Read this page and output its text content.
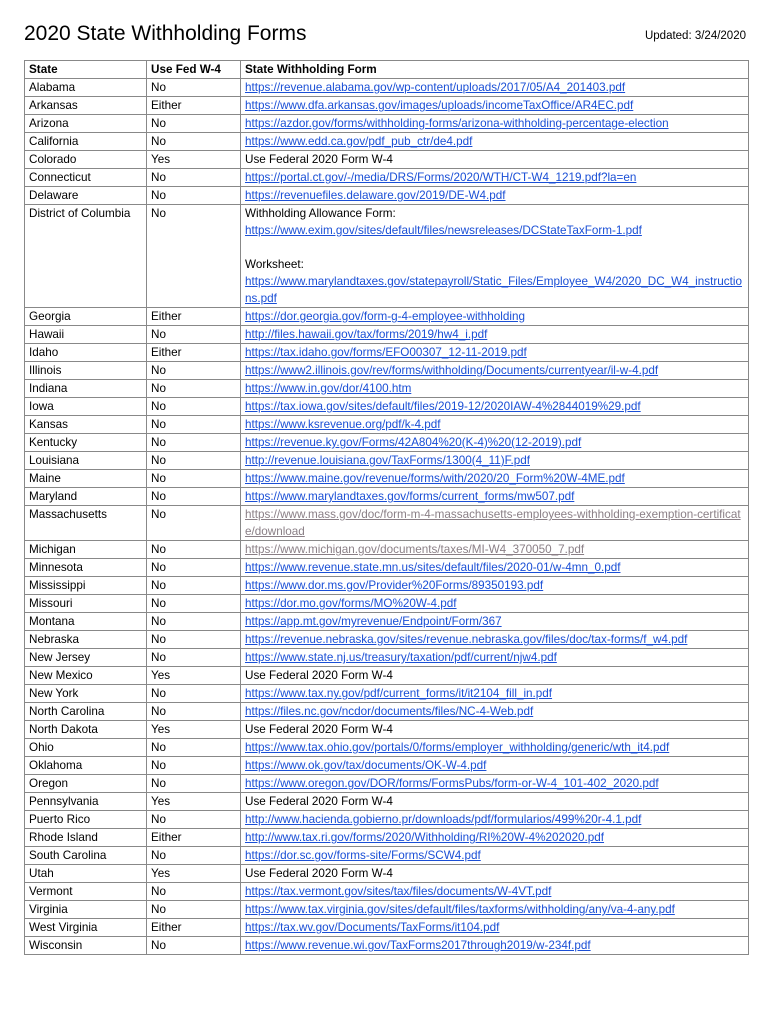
2020 State Withholding Forms	Updated: 3/24/2020
State	Use Fed W-4	State Withholding Form
Alabama	No	https://revenue.alabama.gov/wp-content/uploads/2017/05/A4_201403.pdf
Arkansas	Either	https://www.dfa.arkansas.gov/images/uploads/incomeTaxOffice/AR4EC.pdf
Arizona	No	https://azdor.gov/forms/withholding-forms/arizona-withholding-percentage-election
California	No	https://www.edd.ca.gov/pdf_pub_ctr/de4.pdf
Colorado	Yes	Use Federal 2020 Form W-4
Connecticut	No	https://portal.ct.gov/-/media/DRS/Forms/2020/WTH/CT-W4_1219.pdf?la=en
Delaware	No	https://revenuefiles.delaware.gov/2019/DE-W4.pdf
District of Columbia	No	Withholding Allowance Form:
https://www.exim.gov/sites/default/files/newsreleases/DCStateTaxForm-1.pdf
Worksheet:
https://www.marylandtaxes.gov/statepayroll/Static_Files/Employee_W4/2020_DC_W4_instructions.pdf

Georgia	Either	https://dor.georgia.gov/form-g-4-employee-withholding
Hawaii	No	http://files.hawaii.gov/tax/forms/2019/hw4_i.pdf
Idaho	Either	https://tax.idaho.gov/forms/EFO00307_12-11-2019.pdf
Illinois	No	https://www2.illinois.gov/rev/forms/withholding/Documents/currentyear/il-w-4.pdf
Indiana	No	https://www.in.gov/dor/4100.htm
Iowa	No	https://tax.iowa.gov/sites/default/files/2019-12/2020IAW-4%2844019%29.pdf
Kansas	No	https://www.ksrevenue.org/pdf/k-4.pdf
Kentucky	No	https://revenue.ky.gov/Forms/42A804%20(K-4)%20(12-2019).pdf
Louisiana	No	http://revenue.louisiana.gov/TaxForms/1300(4_11)F.pdf
Maine	No	https://www.maine.gov/revenue/forms/with/2020/20_Form%20W-4ME.pdf
Maryland	No	https://www.marylandtaxes.gov/forms/current_forms/mw507.pdf
Massachusetts	No	https://www.mass.gov/doc/form-m-4-massachusetts-employees-withholding-exemption-certificate/download
Michigan	No	https://www.michigan.gov/documents/taxes/MI-W4_370050_7.pdf
Minnesota	No	https://www.revenue.state.mn.us/sites/default/files/2020-01/w-4mn_0.pdf
Mississippi	No	https://www.dor.ms.gov/Provider%20Forms/89350193.pdf
Missouri	No	https://dor.mo.gov/forms/MO%20W-4.pdf
Montana	No	https://app.mt.gov/myrevenue/Endpoint/Form/367
Nebraska	No	https://revenue.nebraska.gov/sites/revenue.nebraska.gov/files/doc/tax-forms/f_w4.pdf
New Jersey	No	https://www.state.nj.us/treasury/taxation/pdf/current/njw4.pdf
New Mexico	Yes	Use Federal 2020 Form W-4
New York	No	https://www.tax.ny.gov/pdf/current_forms/it/it2104_fill_in.pdf
North Carolina	No	https://files.nc.gov/ncdor/documents/files/NC-4-Web.pdf
North Dakota	Yes	Use Federal 2020 Form W-4
Ohio	No	https://www.tax.ohio.gov/portals/0/forms/employer_withholding/generic/wth_it4.pdf
Oklahoma	No	https://www.ok.gov/tax/documents/OK-W-4.pdf
Oregon	No	https://www.oregon.gov/DOR/forms/FormsPubs/form-or-W-4_101-402_2020.pdf
Pennsylvania	Yes	Use Federal 2020 Form W-4
Puerto Rico	No	http://www.hacienda.gobierno.pr/downloads/pdf/formularios/499%20r-4.1.pdf
Rhode Island	Either	http://www.tax.ri.gov/forms/2020/Withholding/RI%20W-4%202020.pdf
South Carolina	No	https://dor.sc.gov/forms-site/Forms/SCW4.pdf
Utah	Yes	Use Federal 2020 Form W-4
Vermont	No	https://tax.vermont.gov/sites/tax/files/documents/W-4VT.pdf
Virginia	No	https://www.tax.virginia.gov/sites/default/files/taxforms/withholding/any/va-4-any.pdf
West Virginia	Either	https://tax.wv.gov/Documents/TaxForms/it104.pdf
Wisconsin	No	https://www.revenue.wi.gov/TaxForms2017through2019/w-234f.pdf
